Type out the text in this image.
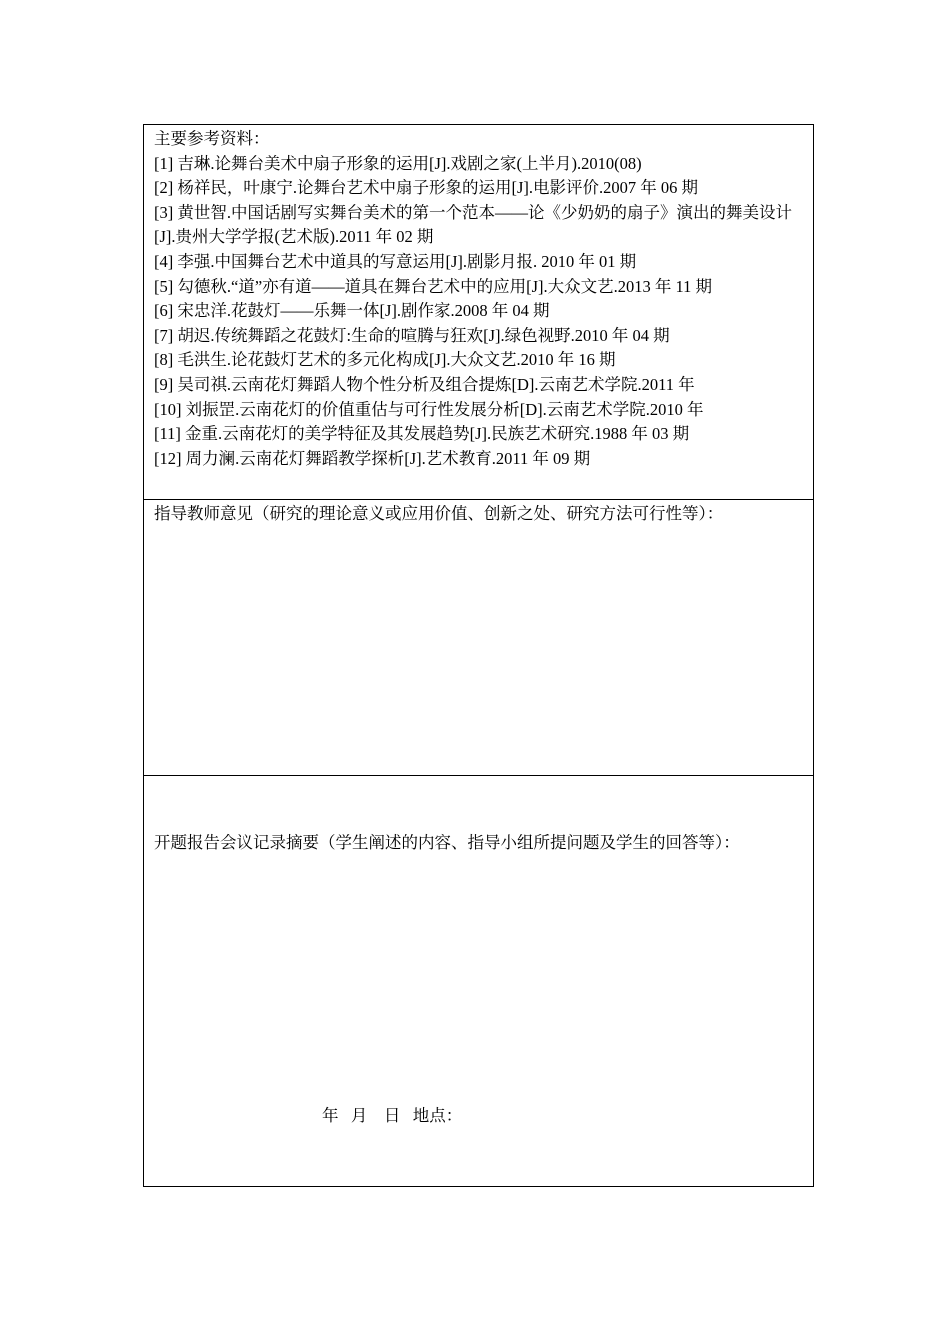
主要参考资料：
[1] 吉琳.论舞台美术中扇子形象的运用[J].戏剧之家(上半月).2010(08)
[2] 杨祥民，叶康宁.论舞台艺术中扇子形象的运用[J].电影评价.2007 年 06 期
[3] 黄世智.中国话剧写实舞台美术的第一个范本——论《少奶奶的扇子》演出的舞美设计[J].贵州大学学报(艺术版).2011 年 02 期
[4] 李强.中国舞台艺术中道具的写意运用[J].剧影月报. 2010 年 01 期
[5] 勾德秋.“道”亦有道——道具在舞台艺术中的应用[J].大众文艺.2013 年 11 期
[6] 宋忠洋.花鼓灯——乐舞一体[J].剧作家.2008 年 04 期
[7] 胡迟.传统舞蹈之花鼓灯:生命的喧腾与狂欢[J].绿色视野.2010 年 04 期
[8] 毛洪生.论花鼓灯艺术的多元化构成[J].大众文艺.2010 年 16 期
[9] 吴司祺.云南花灯舞蹈人物个性分析及组合提炼[D].云南艺术学院.2011 年
[10] 刘振罡.云南花灯的价值重估与可行性发展分析[D].云南艺术学院.2010 年
[11] 金重.云南花灯的美学特征及其发展趋势[J].民族艺术研究.1988 年 03 期
[12] 周力澜.云南花灯舞蹈教学探析[J].艺术教育.2011 年 09 期
指导教师意见（研究的理论意义或应用价值、创新之处、研究方法可行性等）：
开题报告会议记录摘要（学生阐述的内容、指导小组所提问题及学生的回答等）：
年   月    日   地点：
